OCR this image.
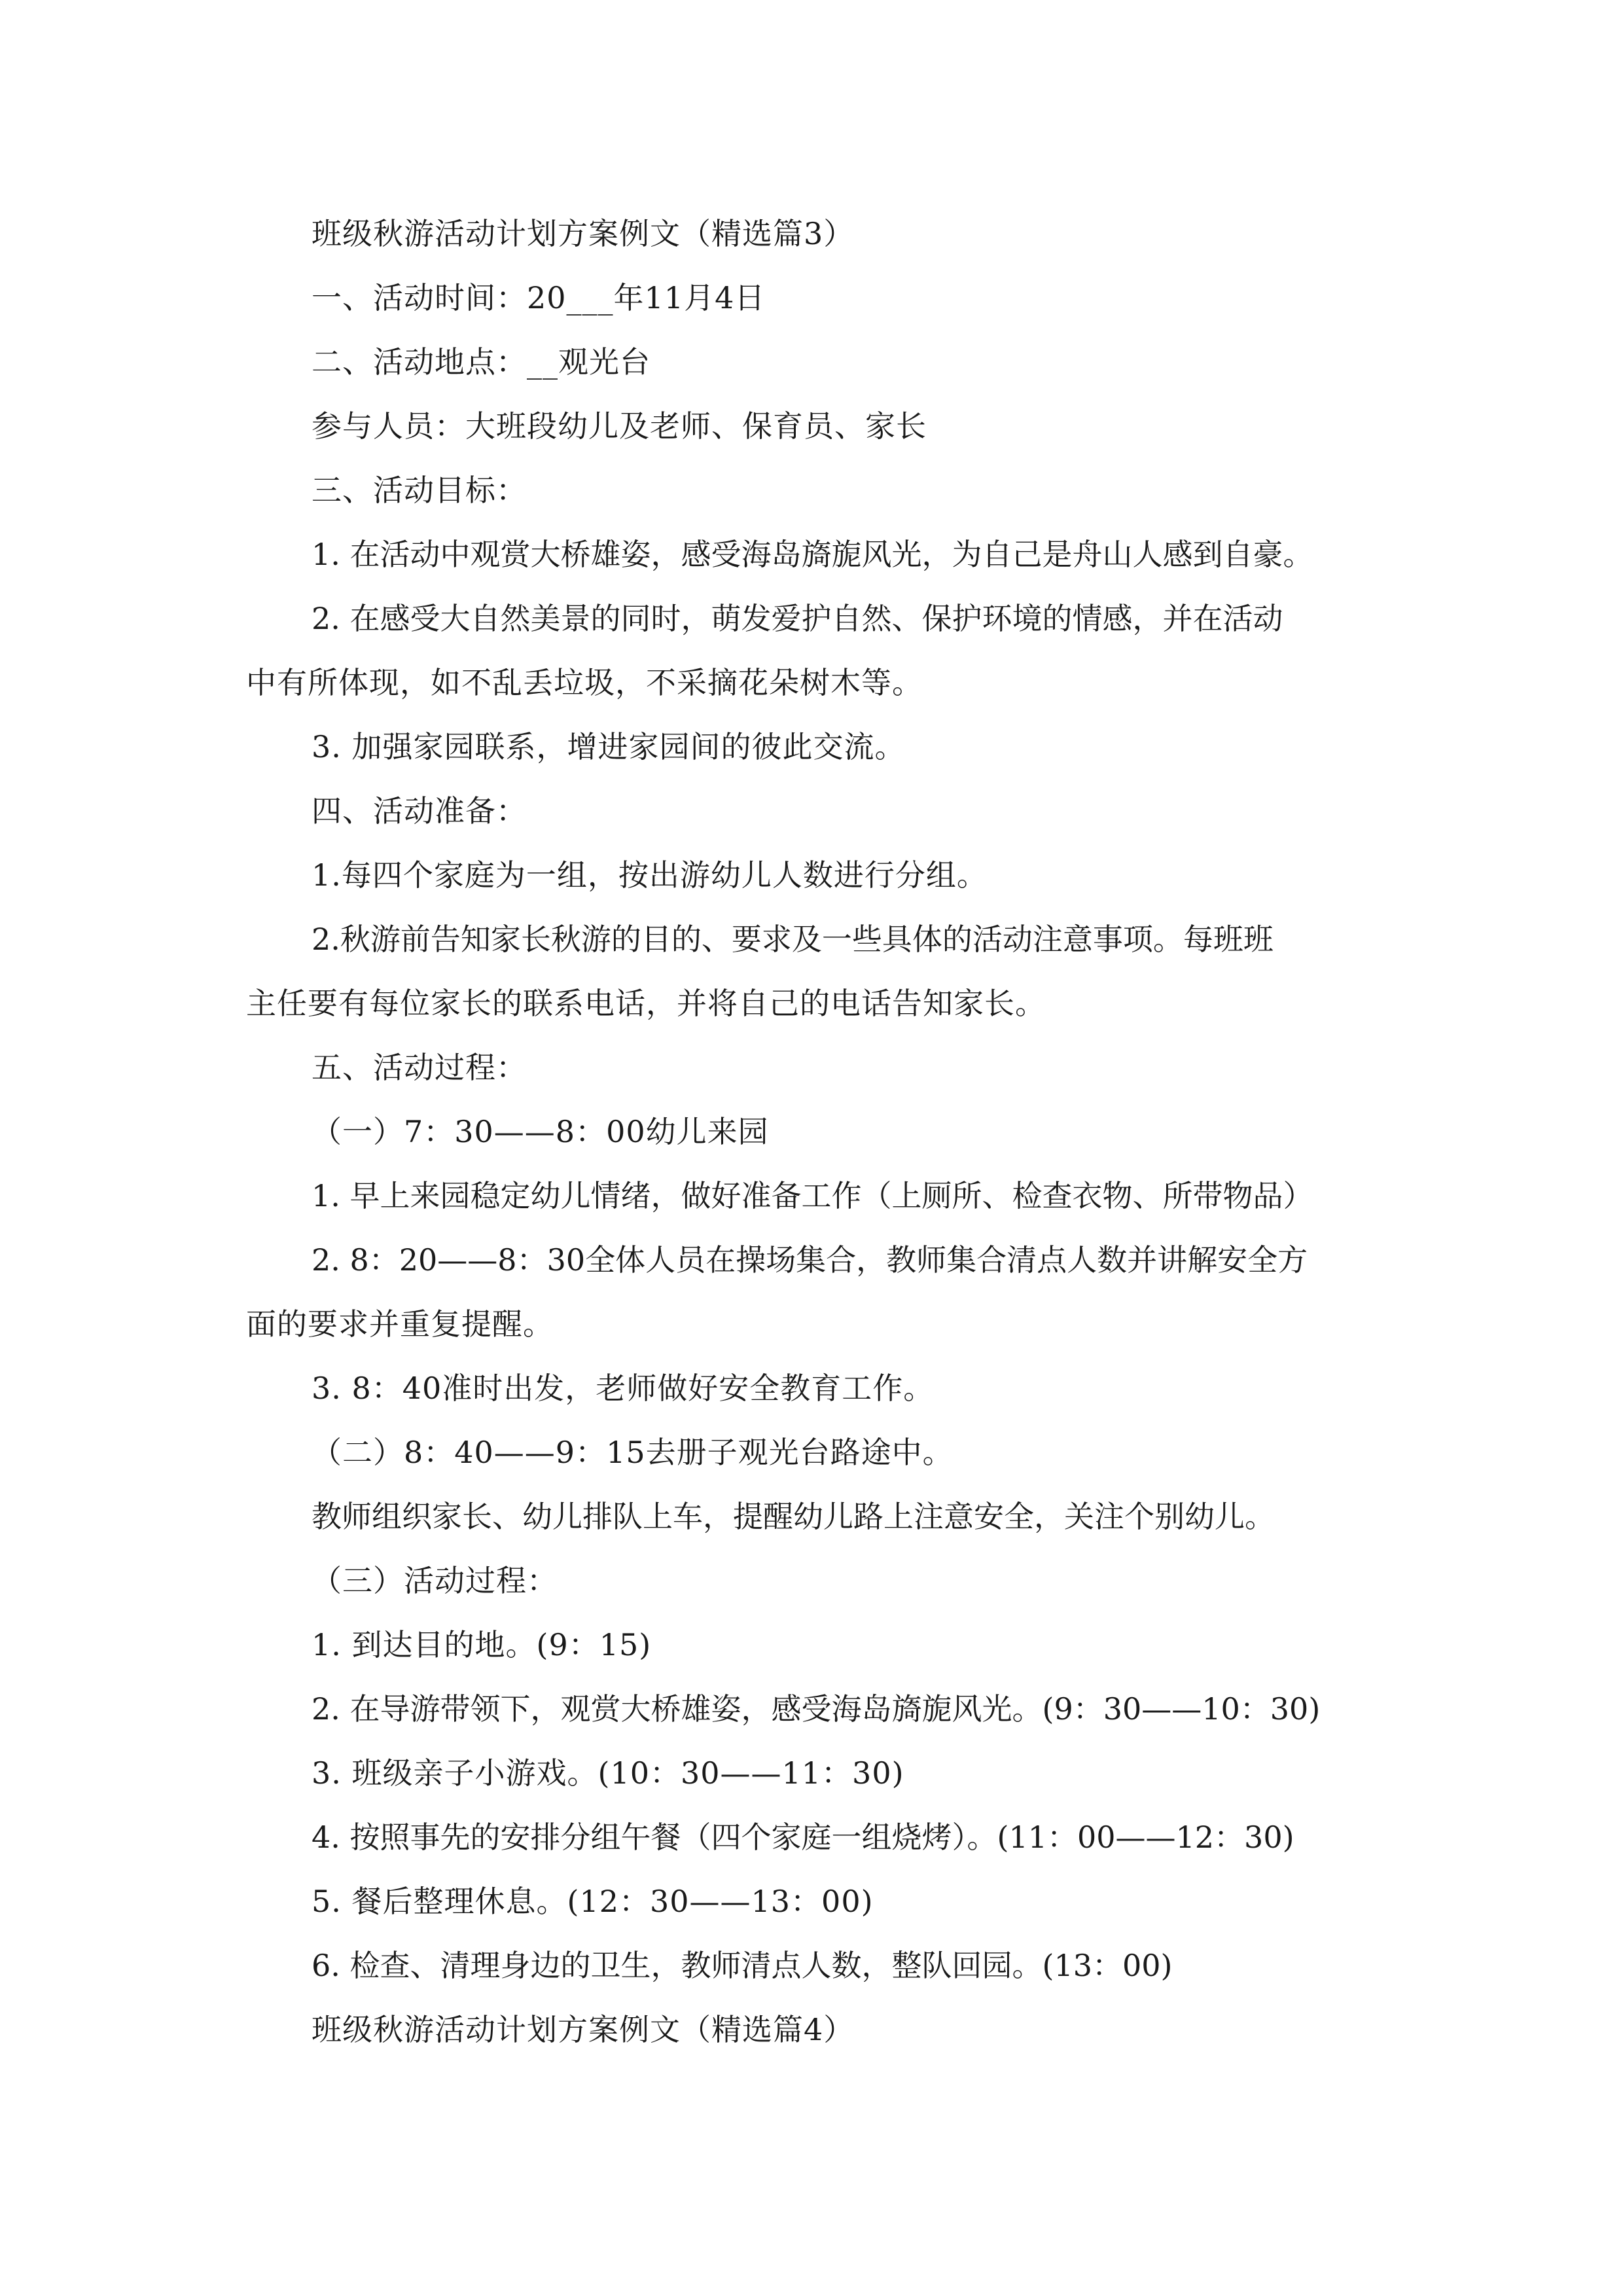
班级秋游活动计划方案例文（精选篇3）
一、活动时间：20___年11月4日
二、活动地点：__观光台
参与人员：大班段幼儿及老师、保育员、家长
三、活动目标：
1. 在活动中观赏大桥雄姿，感受海岛旖旎风光，为自己是舟山人感到自豪。
2. 在感受大自然美景的同时，萌发爱护自然、保护环境的情感，并在活动
中有所体现，如不乱丢垃圾，不采摘花朵树木等。
3. 加强家园联系，增进家园间的彼此交流。
四、活动准备：
1.每四个家庭为一组，按出游幼儿人数进行分组。
2.秋游前告知家长秋游的目的、要求及一些具体的活动注意事项。每班班
主任要有每位家长的联系电话，并将自己的电话告知家长。
五、活动过程：
（一）7：30——8：00幼儿来园
1. 早上来园稳定幼儿情绪，做好准备工作（上厕所、检查衣物、所带物品）
2. 8：20——8：30全体人员在操场集合，教师集合清点人数并讲解安全方
面的要求并重复提醒。
3. 8：40准时出发，老师做好安全教育工作。
（二）8：40——9：15去册子观光台路途中。
教师组织家长、幼儿排队上车，提醒幼儿路上注意安全，关注个别幼儿。
（三）活动过程：
1. 到达目的地。(9：15)
2. 在导游带领下，观赏大桥雄姿，感受海岛旖旎风光。(9：30——10：30)
3. 班级亲子小游戏。(10：30——11：30)
4. 按照事先的安排分组午餐（四个家庭一组烧烤）。(11：00——12：30)
5. 餐后整理休息。(12：30——13：00)
6. 检查、清理身边的卫生，教师清点人数，整队回园。(13：00)
班级秋游活动计划方案例文（精选篇4）
